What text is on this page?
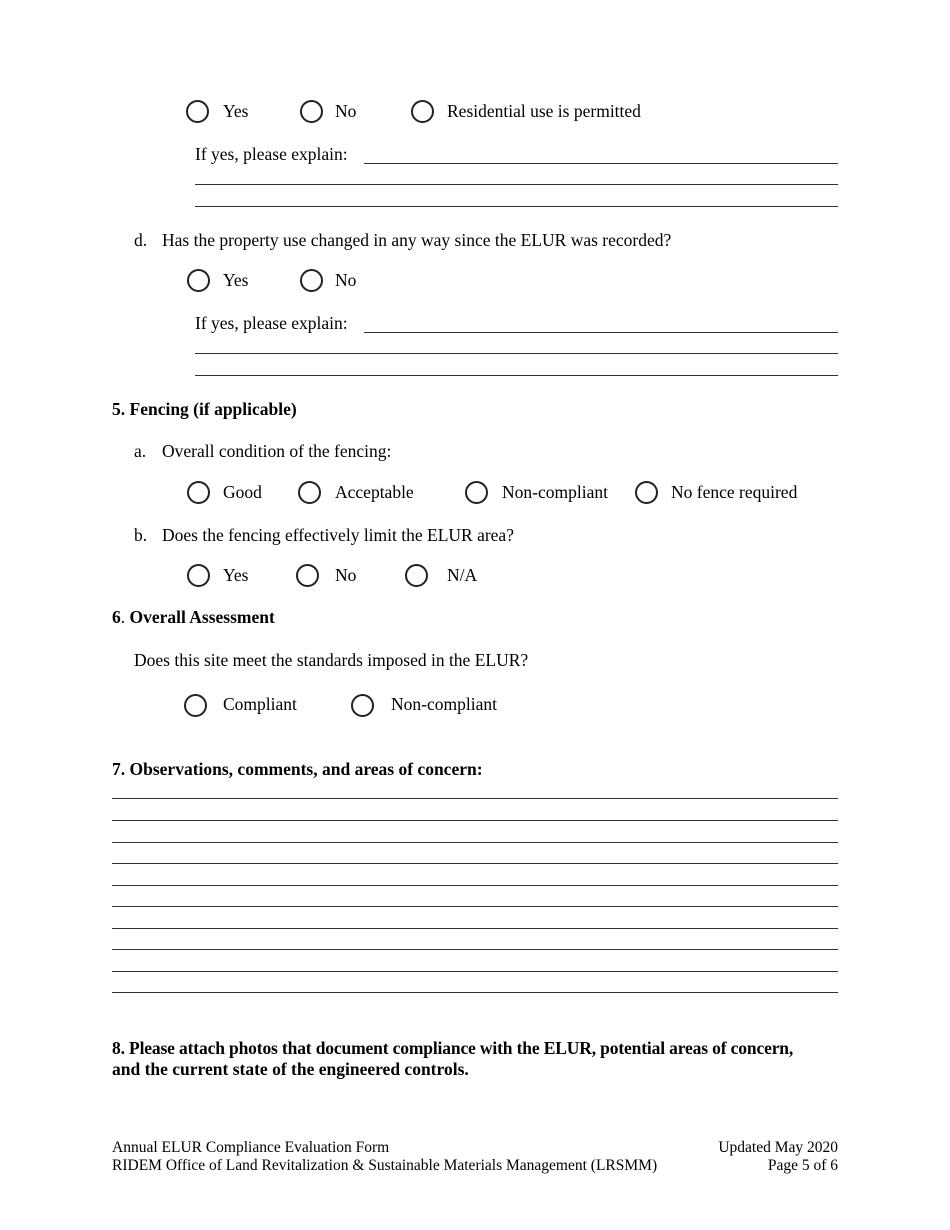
Yes	No	Residential use is permitted
If yes, please explain:
d. Has the property use changed in any way since the ELUR was recorded?
Yes	No
If yes, please explain:
5. Fencing (if applicable)
a. Overall condition of the fencing:
Good	Acceptable	Non-compliant	No fence required
b. Does the fencing effectively limit the ELUR area?
Yes	No	N/A
6. Overall Assessment
Does this site meet the standards imposed in the ELUR?
Compliant	Non-compliant
7. Observations, comments, and areas of concern:
8. Please attach photos that document compliance with the ELUR, potential areas of concern,
and the current state of the engineered controls.
Annual ELUR Compliance Evaluation Form
RIDEM Office of Land Revitalization & Sustainable Materials Management (LRSMM)
Updated May 2020
Page 5 of 6
